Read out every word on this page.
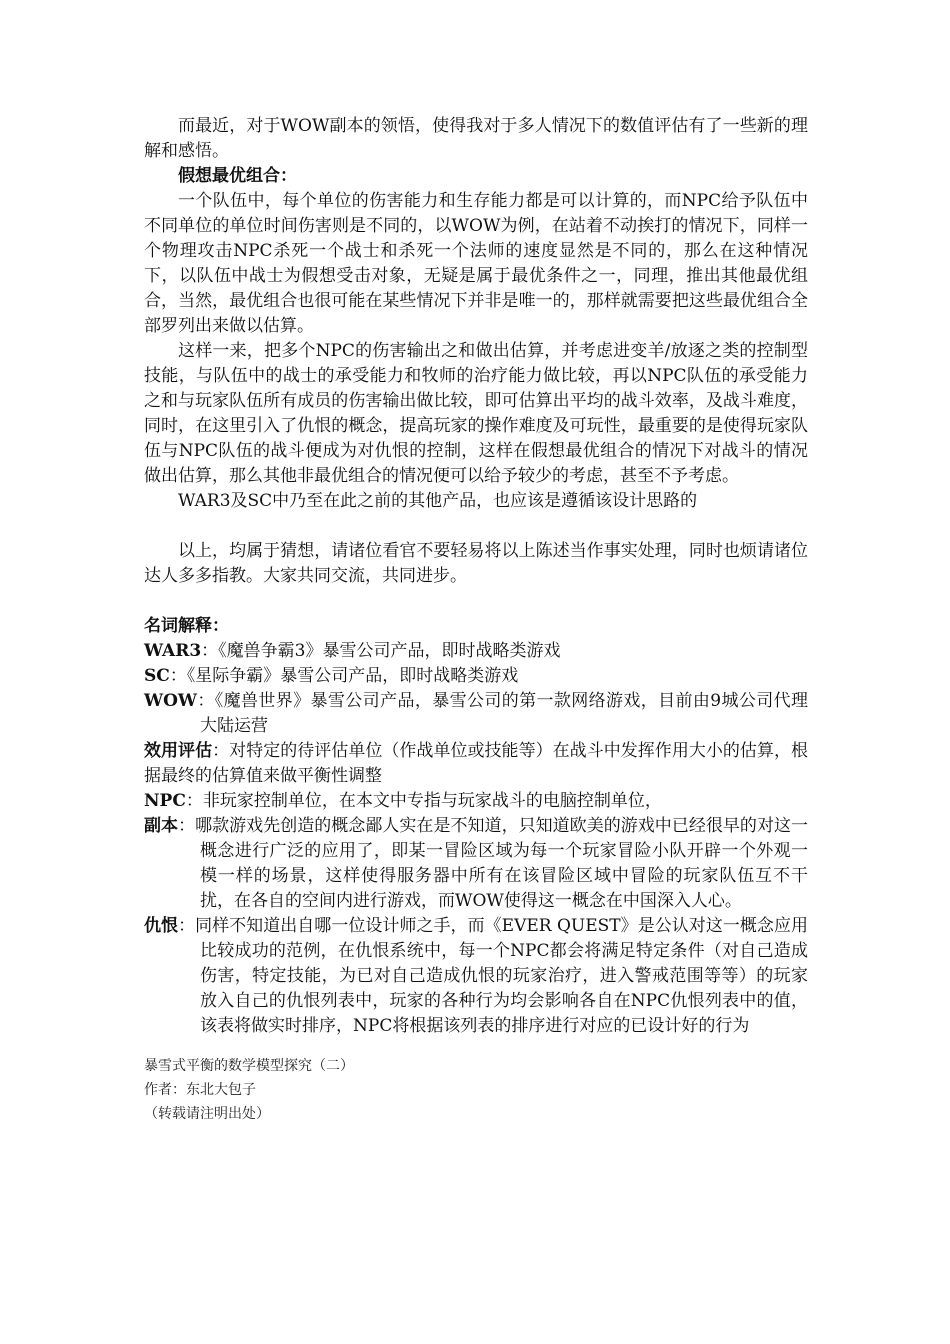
而最近，对于WOW副本的领悟，使得我对于多人情况下的数值评估有了一些新的理解和感悟。

假想最优组合：

一个队伍中，每个单位的伤害能力和生存能力都是可以计算的，而NPC给予队伍中不同单位的单位时间伤害则是不同的，以WOW为例，在站着不动挨打的情况下，同样一个物理攻击NPC杀死一个战士和杀死一个法师的速度显然是不同的，那么在这种情况下，以队伍中战士为假想受击对象，无疑是属于最优条件之一，同理，推出其他最优组合，当然，最优组合也很可能在某些情况下并非是唯一的，那样就需要把这些最优组合全部罗列出来做以估算。

这样一来，把多个NPC的伤害输出之和做出估算，并考虑进变羊/放逐之类的控制型技能，与队伍中的战士的承受能力和牧师的治疗能力做比较，再以NPC队伍的承受能力之和与玩家队伍所有成员的伤害输出做比较，即可估算出平均的战斗效率，及战斗难度，同时，在这里引入了仇恨的概念，提高玩家的操作难度及可玩性，最重要的是使得玩家队伍与NPC队伍的战斗便成为对仇恨的控制，这样在假想最优组合的情况下对战斗的情况做出估算，那么其他非最优组合的情况便可以给予较少的考虑，甚至不予考虑。

WAR3及SC中乃至在此之前的其他产品，也应该是遵循该设计思路的

以上，均属于猜想，请诸位看官不要轻易将以上陈述当作事实处理，同时也烦请诸位达人多多指教。大家共同交流，共同进步。

名词解释：

WAR3：《魔兽争霸3》暴雪公司产品，即时战略类游戏

SC：《星际争霸》暴雪公司产品，即时战略类游戏

WOW：《魔兽世界》暴雪公司产品，暴雪公司的第一款网络游戏，目前由9城公司代理大陆运营

效用评估：对特定的待评估单位（作战单位或技能等）在战斗中发挥作用大小的估算，根据最终的估算值来做平衡性调整

NPC：非玩家控制单位，在本文中专指与玩家战斗的电脑控制单位，

副本：哪款游戏先创造的概念鄙人实在是不知道，只知道欧美的游戏中已经很早的对这一概念进行广泛的应用了，即某一冒险区域为每一个玩家冒险小队开辟一个外观一模一样的场景，这样使得服务器中所有在该冒险区域中冒险的玩家队伍互不干扰，在各自的空间内进行游戏，而WOW使得这一概念在中国深入人心。

仇恨：同样不知道出自哪一位设计师之手，而《EVER QUEST》是公认对这一概念应用比较成功的范例，在仇恨系统中，每一个NPC都会将满足特定条件（对自己造成伤害，特定技能，为已对自己造成仇恨的玩家治疗，进入警戒范围等等）的玩家放入自己的仇恨列表中，玩家的各种行为均会影响各自在NPC仇恨列表中的值，该表将做实时排序，NPC将根据该列表的排序进行对应的已设计好的行为

暴雪式平衡的数学模型探究（二）

作者：东北大包子

（转载请注明出处）
